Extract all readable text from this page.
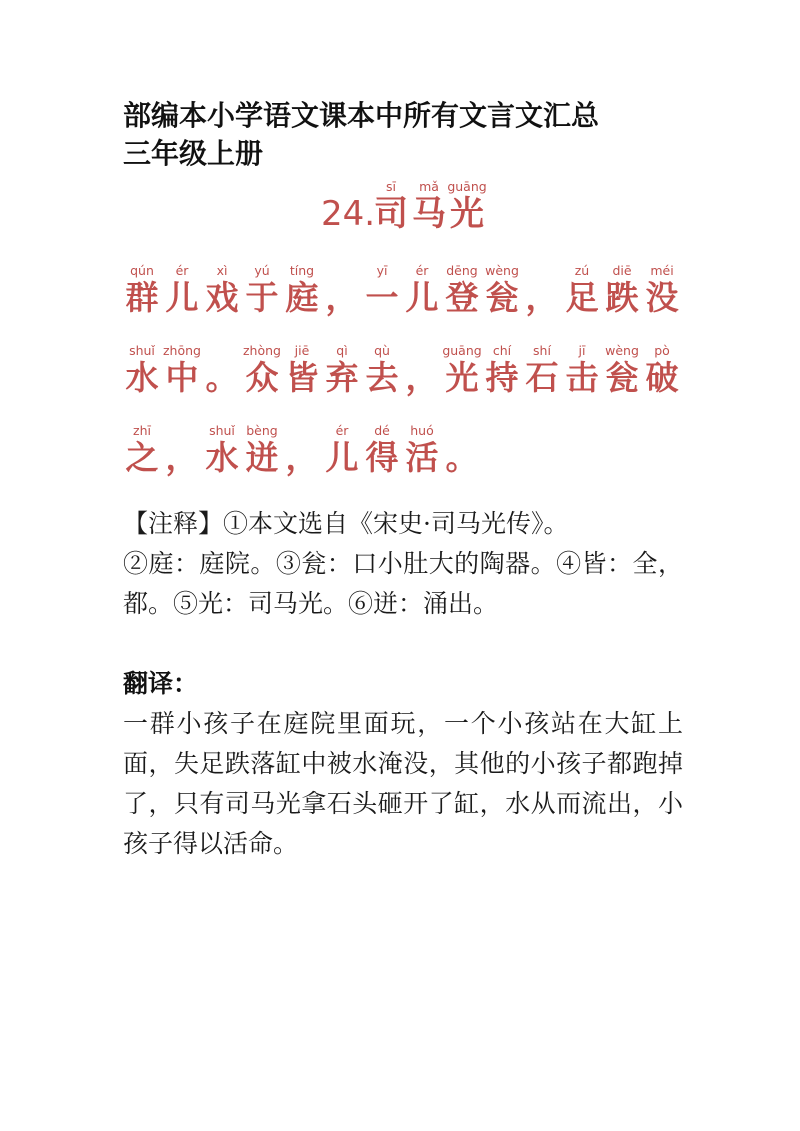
部编本小学语文课本中所有文言文汇总
三年级上册
24.
sī
司
mǎ
马
guāng
光
qún
群
ér
儿
xì
戏
yú
于
tíng
庭 ，
yī
一
ér
儿
dēng
登
wèng
瓮 ，
zú
足
diē
跌
méi
没
shuǐ
水
zhōng
中 。
zhòng
众
jiē
皆
qì
弃
qù
去 ，
guāng
光
chí
持
shí
石
jī
击
wèng
瓮
pò
破
zhī
之 ，
shuǐ
水
bèng
迸 ，
ér
儿
dé
得
huó
活 。

【注释】①本文选自《宋史·司马光传》。

②庭：庭院。③瓮：口小肚大的陶器。④皆：全，都。⑤光：司马光。⑥迸：涌出。

翻译：
一群小孩子在庭院里面玩，一个小孩站在大缸上面，失足跌落缸中被水淹没，其他的小孩子都跑掉了，只有司马光拿石头砸开了缸，水从而流出，小孩子得以活命。
